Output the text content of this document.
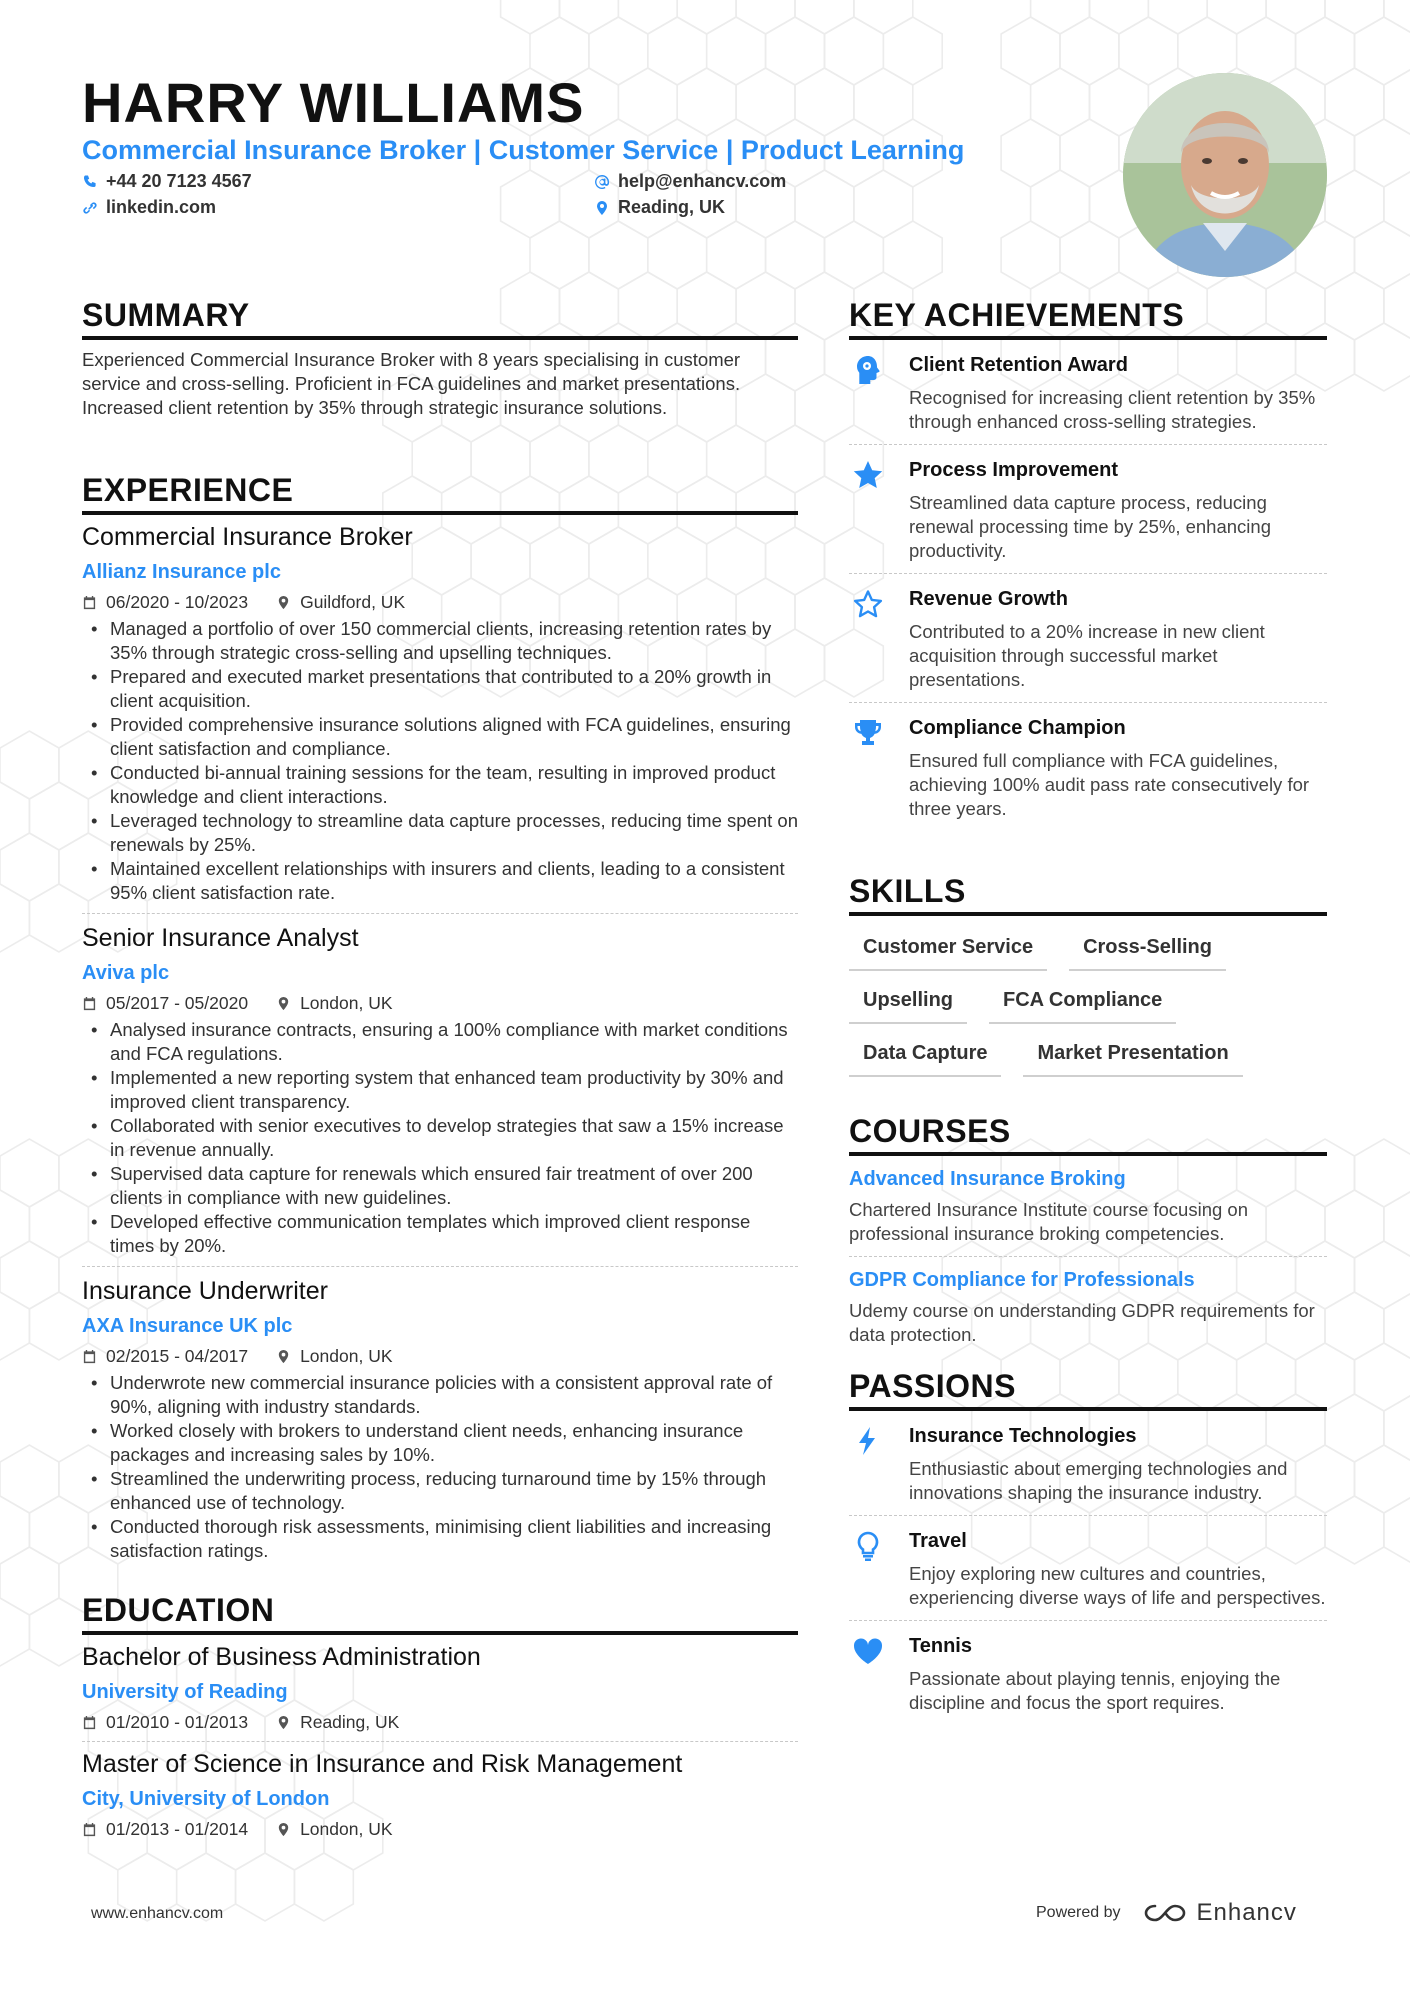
HARRY WILLIAMS
Commercial Insurance Broker | Customer Service | Product Learning
+44 20 7123 4567	help@enhancv.com
linkedin.com	Reading, UK
SUMMARY
Experienced Commercial Insurance Broker with 8 years specialising in customer service and cross-selling. Proficient in FCA guidelines and market presentations. Increased client retention by 35% through strategic insurance solutions.
EXPERIENCE
Commercial Insurance Broker
Allianz Insurance plc
06/2020 - 10/2023	Guildford, UK
• Managed a portfolio of over 150 commercial clients, increasing retention rates by 35% through strategic cross-selling and upselling techniques.
• Prepared and executed market presentations that contributed to a 20% growth in client acquisition.
• Provided comprehensive insurance solutions aligned with FCA guidelines, ensuring client satisfaction and compliance.
• Conducted bi-annual training sessions for the team, resulting in improved product knowledge and client interactions.
• Leveraged technology to streamline data capture processes, reducing time spent on renewals by 25%.
• Maintained excellent relationships with insurers and clients, leading to a consistent 95% client satisfaction rate.
Senior Insurance Analyst
Aviva plc
05/2017 - 05/2020	London, UK
• Analysed insurance contracts, ensuring a 100% compliance with market conditions and FCA regulations.
• Implemented a new reporting system that enhanced team productivity by 30% and improved client transparency.
• Collaborated with senior executives to develop strategies that saw a 15% increase in revenue annually.
• Supervised data capture for renewals which ensured fair treatment of over 200 clients in compliance with new guidelines.
• Developed effective communication templates which improved client response times by 20%.
Insurance Underwriter
AXA Insurance UK plc
02/2015 - 04/2017	London, UK
• Underwrote new commercial insurance policies with a consistent approval rate of 90%, aligning with industry standards.
• Worked closely with brokers to understand client needs, enhancing insurance packages and increasing sales by 10%.
• Streamlined the underwriting process, reducing turnaround time by 15% through enhanced use of technology.
• Conducted thorough risk assessments, minimising client liabilities and increasing satisfaction ratings.
EDUCATION
Bachelor of Business Administration
University of Reading
01/2010 - 01/2013	Reading, UK
Master of Science in Insurance and Risk Management
City, University of London
01/2013 - 01/2014	London, UK
KEY ACHIEVEMENTS
Client Retention Award
Recognised for increasing client retention by 35% through enhanced cross-selling strategies.
Process Improvement
Streamlined data capture process, reducing renewal processing time by 25%, enhancing productivity.
Revenue Growth
Contributed to a 20% increase in new client acquisition through successful market presentations.
Compliance Champion
Ensured full compliance with FCA guidelines, achieving 100% audit pass rate consecutively for three years.
SKILLS
Customer Service	Cross-Selling
Upselling	FCA Compliance
Data Capture	Market Presentation
COURSES
Advanced Insurance Broking
Chartered Insurance Institute course focusing on professional insurance broking competencies.
GDPR Compliance for Professionals
Udemy course on understanding GDPR requirements for data protection.
PASSIONS
Insurance Technologies
Enthusiastic about emerging technologies and innovations shaping the insurance industry.
Travel
Enjoy exploring new cultures and countries, experiencing diverse ways of life and perspectives.
Tennis
Passionate about playing tennis, enjoying the discipline and focus the sport requires.
www.enhancv.com	Powered by	Enhancv
